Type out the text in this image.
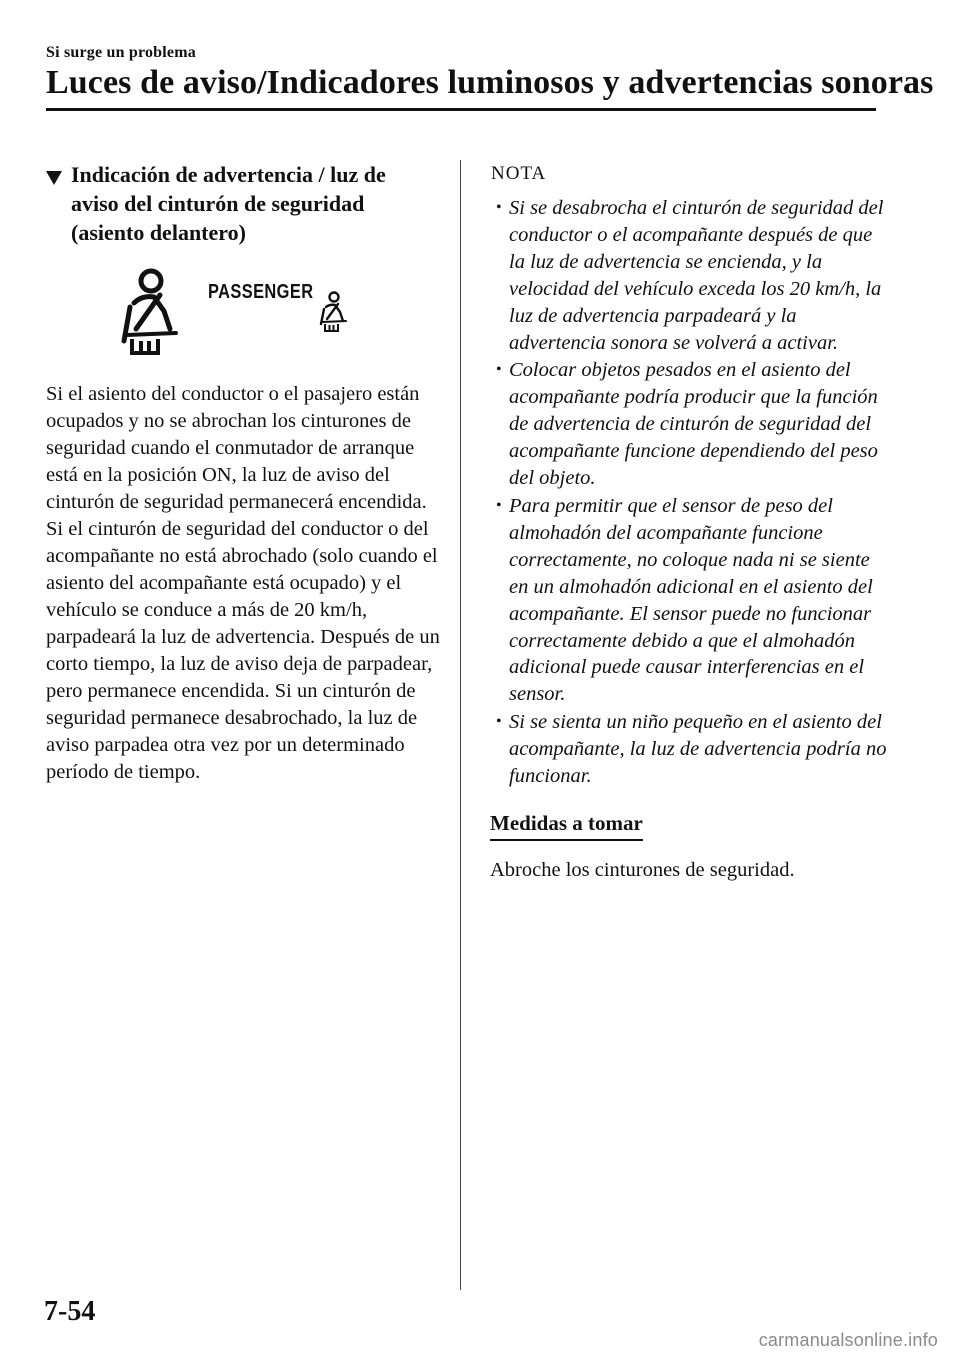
Si surge un problema
Luces de aviso/Indicadores luminosos y advertencias sonoras
Indicación de advertencia / luz de aviso del cinturón de seguridad (asiento delantero)
PASSENGER

Si el asiento del conductor o el pasajero están ocupados y no se abrochan los cinturones de seguridad cuando el conmutador de arranque está en la posición ON, la luz de aviso del cinturón de seguridad permanecerá encendida.

Si el cinturón de seguridad del conductor o del acompañante no está abrochado (solo cuando el asiento del acompañante está ocupado) y el vehículo se conduce a más de 20 km/h, parpadeará la luz de advertencia. Después de un corto tiempo, la luz de aviso deja de parpadear, pero permanece encendida. Si un cinturón de seguridad permanece desabrochado, la luz de aviso parpadea otra vez por un determinado período de tiempo.

NOTA
• Si se desabrocha el cinturón de seguridad del conductor o el acompañante después de que la luz de advertencia se encienda, y la velocidad del vehículo exceda los 20 km/h, la luz de advertencia parpadeará y la advertencia sonora se volverá a activar.
• Colocar objetos pesados en el asiento del acompañante podría producir que la función de advertencia de cinturón de seguridad del acompañante funcione dependiendo del peso del objeto.
• Para permitir que el sensor de peso del almohadón del acompañante funcione correctamente, no coloque nada ni se siente en un almohadón adicional en el asiento del acompañante. El sensor puede no funcionar correctamente debido a que el almohadón adicional puede causar interferencias en el sensor.
• Si se sienta un niño pequeño en el asiento del acompañante, la luz de advertencia podría no funcionar.
Medidas a tomar
Abroche los cinturones de seguridad.
7-54
carmanualsonline.info
